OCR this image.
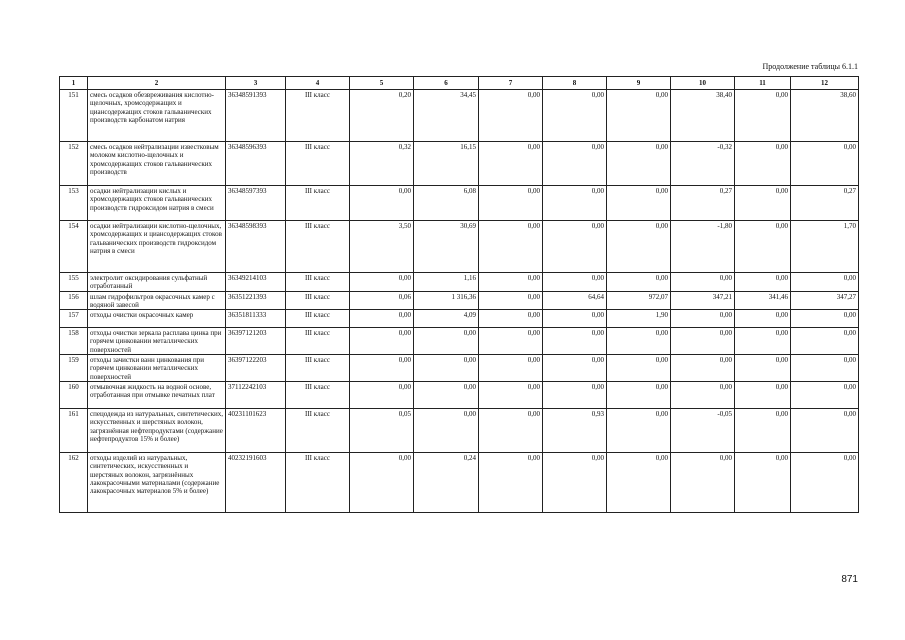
Продолжение таблицы 6.1.1
1	2	3	4	5	6	7	8	9	10	11	12
151	смесь осадков обезвреживания кислотно-щелочных, хромсодержащих и циансодержащих стоков гальванических производств карбонатом натрия	36348591393	III класс	0,20	34,45	0,00	0,00	0,00	38,40	0,00	38,60
152	смесь осадков нейтрализации известковым молоком кислотно-щелочных и хромсодержащих стоков гальванических производств	36348596393	III класс	0,32	16,15	0,00	0,00	0,00	-0,32	0,00	0,00
153	осадки нейтрализации кислых и хромсодержащих стоков гальванических производств гидроксидом натрия в смеси	36348597393	III класс	0,00	6,08	0,00	0,00	0,00	0,27	0,00	0,27
154	осадки нейтрализации кислотно-щелочных, хромсодержащих и циансодержащих стоков гальванических производств гидроксидом натрия в смеси	36348598393	III класс	3,50	30,69	0,00	0,00	0,00	-1,80	0,00	1,70
155	электролит оксидирования сульфатный отработанный	36349214103	III класс	0,00	1,16	0,00	0,00	0,00	0,00	0,00	0,00
156	шлам гидрофильтров окрасочных камер с водяной завесой	36351221393	III класс	0,06	1 316,36	0,00	64,64	972,07	347,21	341,46	347,27
157	отходы очистки окрасочных камер	36351811333	III класс	0,00	4,09	0,00	0,00	1,90	0,00	0,00	0,00
158	отходы очистки зеркала расплава цинка при горячем цинковании металлических поверхностей	36397121203	III класс	0,00	0,00	0,00	0,00	0,00	0,00	0,00	0,00
159	отходы зачистки ванн цинкования при горячем цинковании металлических поверхностей	36397122203	III класс	0,00	0,00	0,00	0,00	0,00	0,00	0,00	0,00
160	отмывочная жидкость на водной основе, отработанная при отмывке печатных плат	37112242103	III класс	0,00	0,00	0,00	0,00	0,00	0,00	0,00	0,00
161	спецодежда из натуральных, синтетических, искусственных и шерстяных волокон, загрязнённая нефтепродуктами (содержание нефтепродуктов 15% и более)	40231101623	III класс	0,05	0,00	0,00	0,93	0,00	-0,05	0,00	0,00
162	отходы изделий из натуральных, синтетических, искусственных и шерстяных волокон, загрязнённых лакокрасочными материалами (содержание лакокрасочных материалов 5% и более)	40232191603	III класс	0,00	0,24	0,00	0,00	0,00	0,00	0,00	0,00
871
